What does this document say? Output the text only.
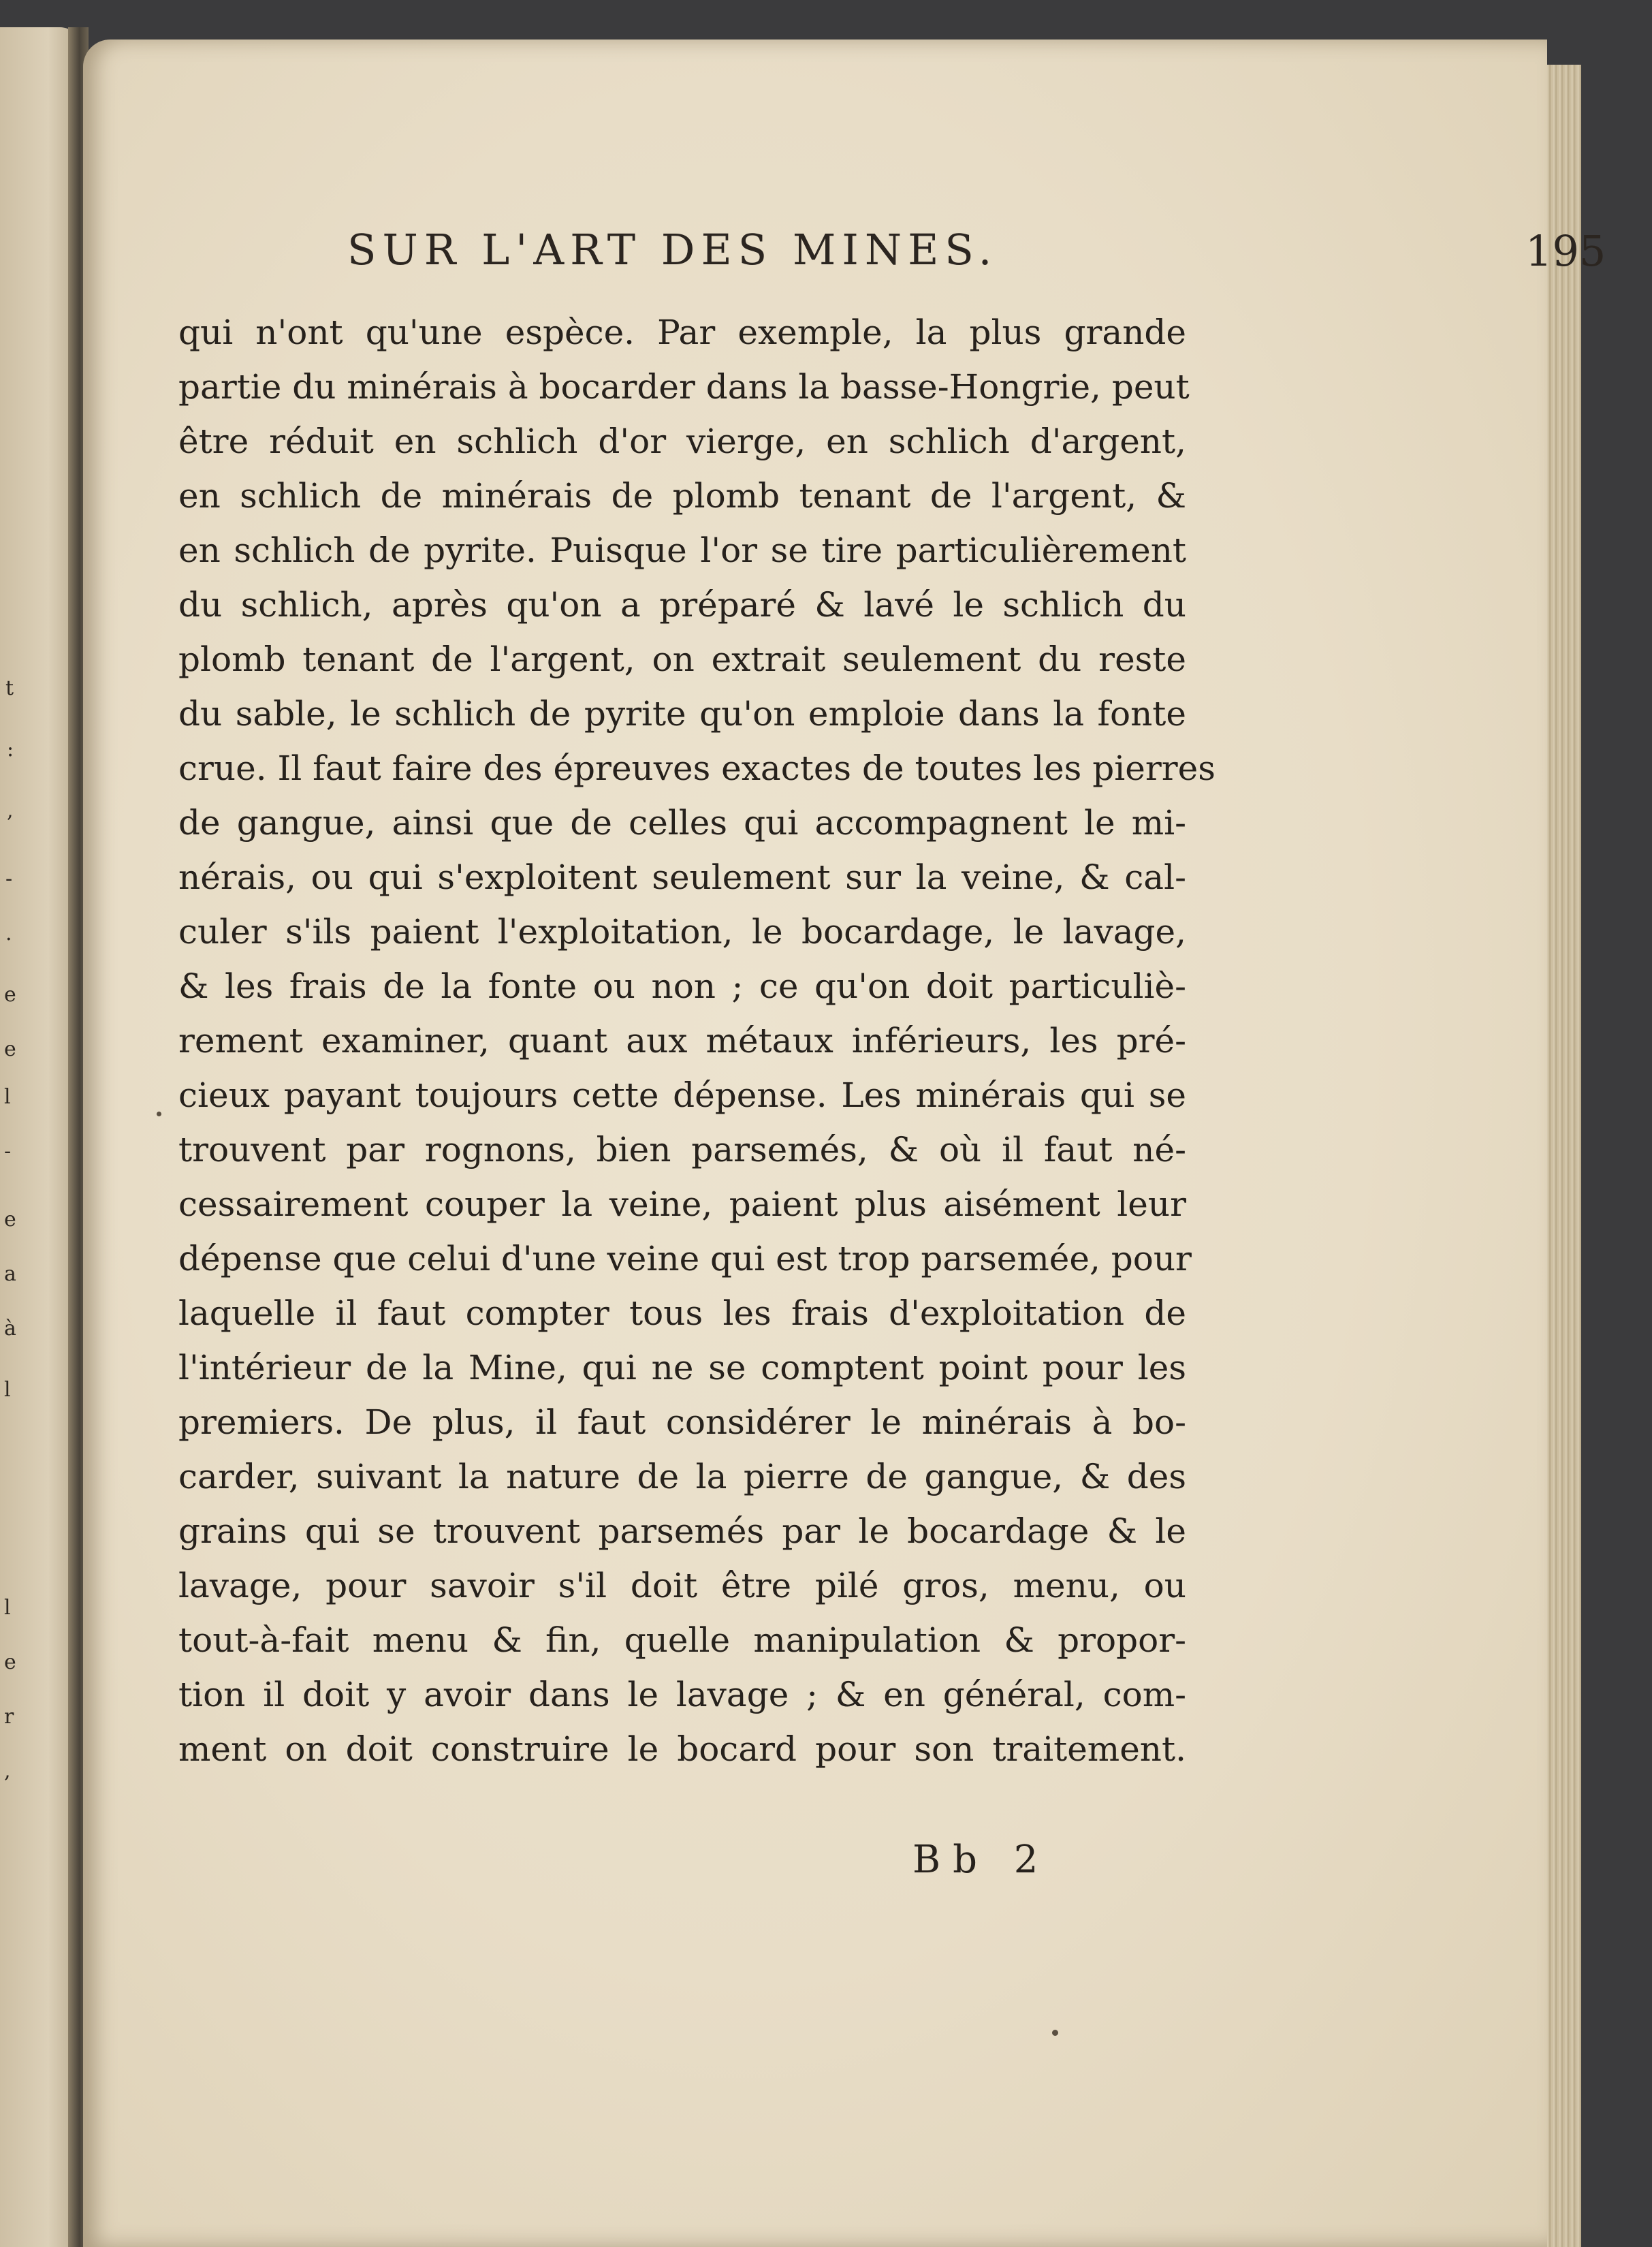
t
:
,
-
.
e
e
l
-
e
a
à
l
l
e
r
,
SUR L'ART DES MINES.	195
qui n'ont qu'une espèce. Par exemple, la plus grande
partie du minérais à bocarder dans la basse-Hongrie, peut
être réduit en schlich d'or vierge, en schlich d'argent,
en schlich de minérais de plomb tenant de l'argent, &
en schlich de pyrite. Puisque l'or se tire particulièrement
du schlich, après qu'on a préparé & lavé le schlich du
plomb tenant de l'argent, on extrait seulement du reste
du sable, le schlich de pyrite qu'on emploie dans la fonte
crue. Il faut faire des épreuves exactes de toutes les pierres
de gangue, ainsi que de celles qui accompagnent le mi-
nérais, ou qui s'exploitent seulement sur la veine, & cal-
culer s'ils paient l'exploitation, le bocardage, le lavage,
& les frais de la fonte ou non ; ce qu'on doit particuliè-
rement examiner, quant aux métaux inférieurs, les pré-
cieux payant toujours cette dépense. Les minérais qui se
trouvent par rognons, bien parsemés, & où il faut né-
cessairement couper la veine, paient plus aisément leur
dépense que celui d'une veine qui est trop parsemée, pour
laquelle il faut compter tous les frais d'exploitation de
l'intérieur de la Mine, qui ne se comptent point pour les
premiers. De plus, il faut considérer le minérais à bo-
carder, suivant la nature de la pierre de gangue, & des
grains qui se trouvent parsemés par le bocardage & le
lavage, pour savoir s'il doit être pilé gros, menu, ou
tout-à-fait menu & fin, quelle manipulation & propor-
tion il doit y avoir dans le lavage ; & en général, com-
ment on doit construire le bocard pour son traitement.
Bb 2
